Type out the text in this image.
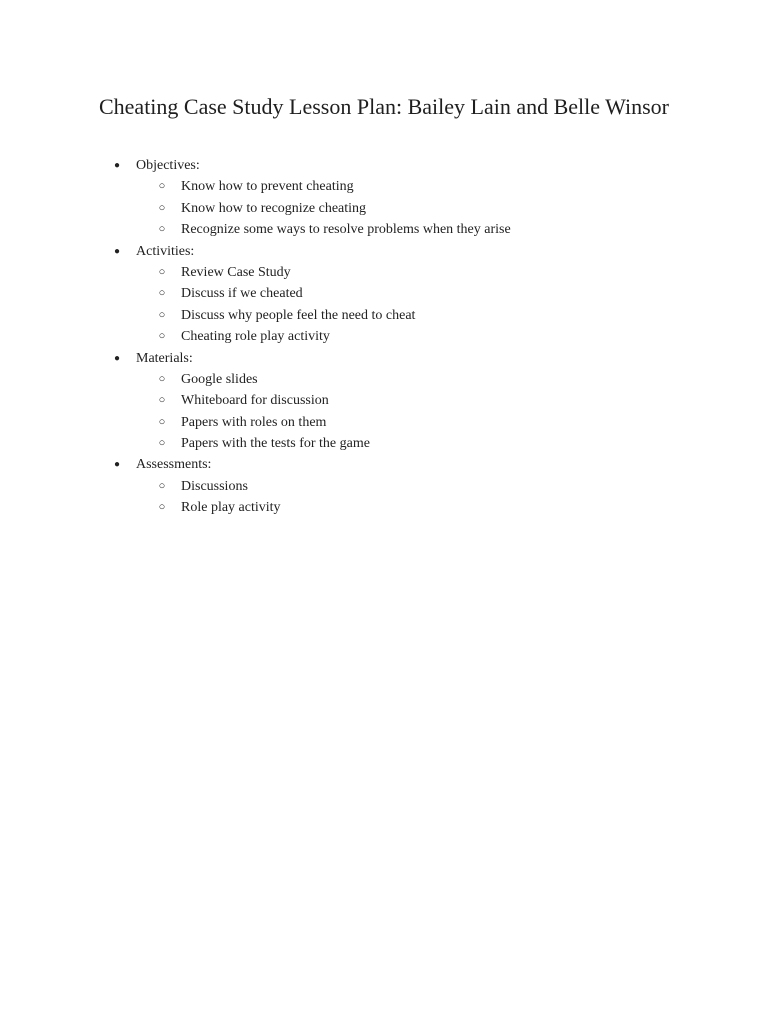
Cheating Case Study Lesson Plan: Bailey Lain and Belle Winsor
● Objectives:
○ Know how to prevent cheating
○ Know how to recognize cheating
○ Recognize some ways to resolve problems when they arise
● Activities:
○ Review Case Study
○ Discuss if we cheated
○ Discuss why people feel the need to cheat
○ Cheating role play activity
● Materials:
○ Google slides
○ Whiteboard for discussion
○ Papers with roles on them
○ Papers with the tests for the game
● Assessments:
○ Discussions
○ Role play activity
